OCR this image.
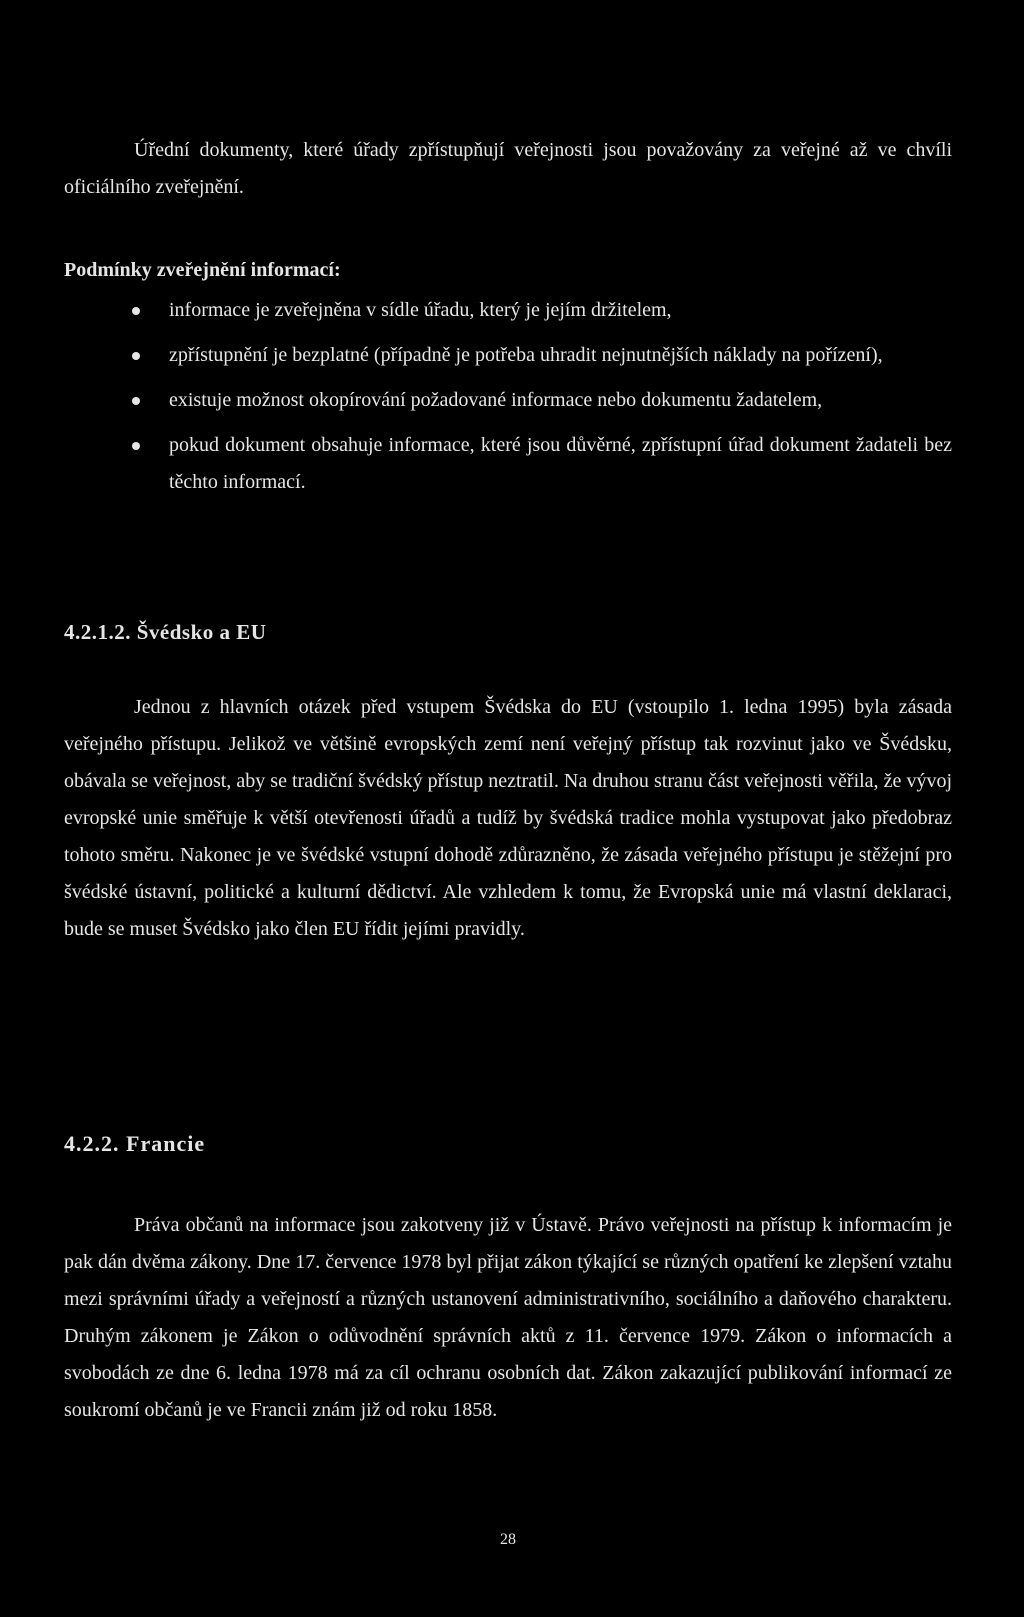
Úřední dokumenty, které úřady zpřístupňují veřejnosti jsou považovány za veřejné až ve chvíli oficiálního zveřejnění.

Podmínky zveřejnění informací:
informace je zveřejněna v sídle úřadu, který je jejím držitelem,
zpřístupnění je bezplatné (případně je potřeba uhradit nejnutnějších náklady na pořízení),
existuje možnost okopírování požadované informace nebo dokumentu žadatelem,
pokud dokument obsahuje informace, které jsou důvěrné, zpřístupní úřad dokument žadateli bez těchto informací.
4.2.1.2. Švédsko a EU

Jednou z hlavních otázek před vstupem Švédska do EU (vstoupilo 1. ledna 1995) byla zásada veřejného přístupu. Jelikož ve většině evropských zemí není veřejný přístup tak rozvinut jako ve Švédsku, obávala se veřejnost, aby se tradiční švédský přístup neztratil. Na druhou stranu část veřejnosti věřila, že vývoj evropské unie směřuje k větší otevřenosti úřadů a tudíž by švédská tradice mohla vystupovat jako předobraz tohoto směru. Nakonec je ve švédské vstupní dohodě zdůrazněno, že zásada veřejného přístupu je stěžejní pro švédské ústavní, politické a kulturní dědictví. Ale vzhledem k tomu, že Evropská unie má vlastní deklaraci, bude se muset Švédsko jako člen EU řídit jejími pravidly.

4.2.2. Francie

Práva občanů na informace jsou zakotveny již v Ústavě. Právo veřejnosti na přístup k informacím je pak dán dvěma zákony. Dne 17. července 1978 byl přijat zákon týkající se různých opatření ke zlepšení vztahu mezi správními úřady a veřejností a různých ustanovení administrativního, sociálního a daňového charakteru. Druhým zákonem je Zákon o odůvodnění správních aktů z 11. července 1979. Zákon o informacích a svobodách ze dne 6. ledna 1978 má za cíl ochranu osobních dat. Zákon zakazující publikování informací ze soukromí občanů je ve Francii znám již od roku 1858.

28
